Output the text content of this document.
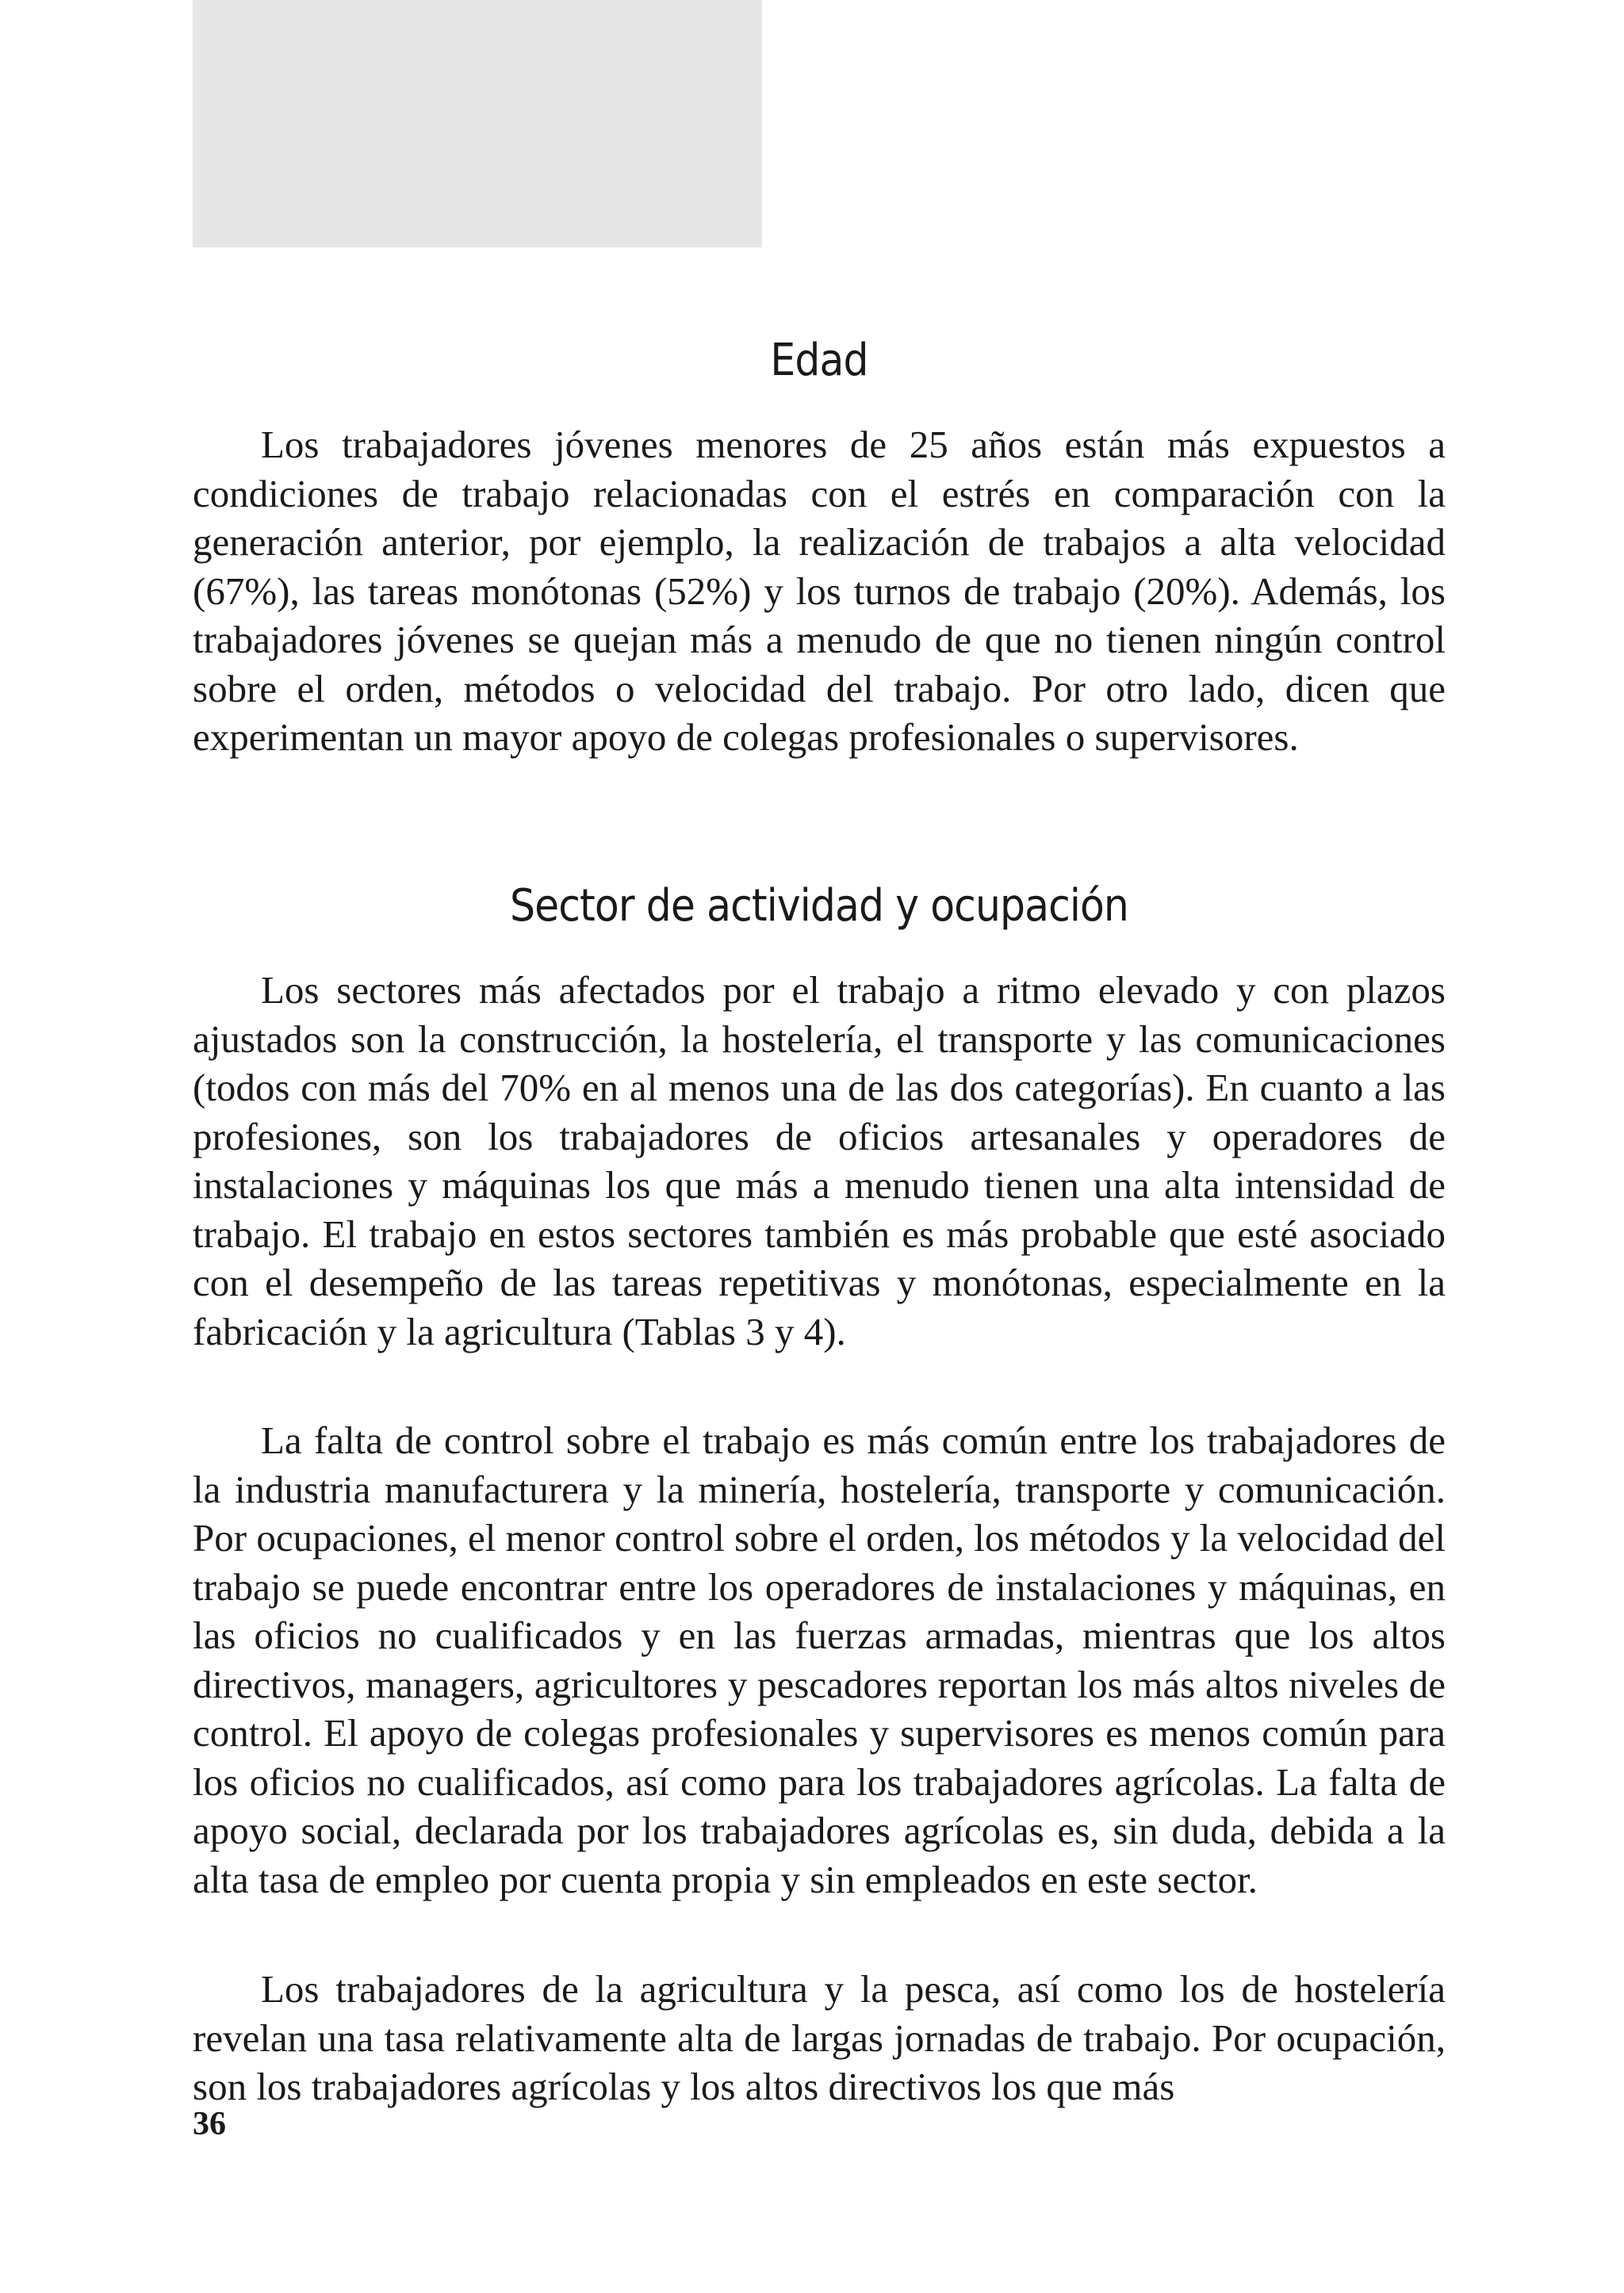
Edad

Los trabajadores jóvenes menores de 25 años están más expuestos a condiciones de trabajo relacionadas con el estrés en comparación con la generación anterior, por ejemplo, la realización de trabajos a alta velocidad (67%), las tareas monótonas (52%) y los turnos de trabajo (20%). Además, los trabajadores jóvenes se quejan más a menudo de que no tienen ningún control sobre el orden, métodos o velocidad del trabajo. Por otro lado, dicen que experimentan un mayor apoyo de colegas profesionales o supervisores.

Sector de actividad y ocupación

Los sectores más afectados por el trabajo a ritmo elevado y con plazos ajustados son la construcción, la hostelería, el transporte y las comunicaciones (todos con más del 70% en al menos una de las dos categorías). En cuanto a las profesiones, son los trabajadores de oficios artesanales y operadores de instalaciones y máquinas los que más a menudo tienen una alta intensidad de trabajo. El trabajo en estos sectores también es más probable que esté asociado con el desempeño de las tareas repetitivas y monótonas, especialmente en la fabricación y la agricultura (Tablas 3 y 4).

La falta de control sobre el trabajo es más común entre los trabajadores de la industria manufacturera y la minería, hostelería, transporte y comunicación. Por ocupaciones, el menor control sobre el orden, los métodos y la velocidad del trabajo se puede encontrar entre los operadores de instalaciones y máquinas, en las oficios no cualificados y en las fuerzas armadas, mientras que los altos directivos, managers, agricultores y pescadores reportan los más altos niveles de control. El apoyo de colegas profesionales y supervisores es menos común para los oficios no cualificados, así como para los trabajadores agrícolas. La falta de apoyo social, declarada por los trabajadores agrícolas es, sin duda, debida a la alta tasa de empleo por cuenta propia y sin empleados en este sector.

Los trabajadores de la agricultura y la pesca, así como los de hostelería revelan una tasa relativamente alta de largas jornadas de trabajo. Por ocupación, son los trabajadores agrícolas y los altos directivos los que más

36
